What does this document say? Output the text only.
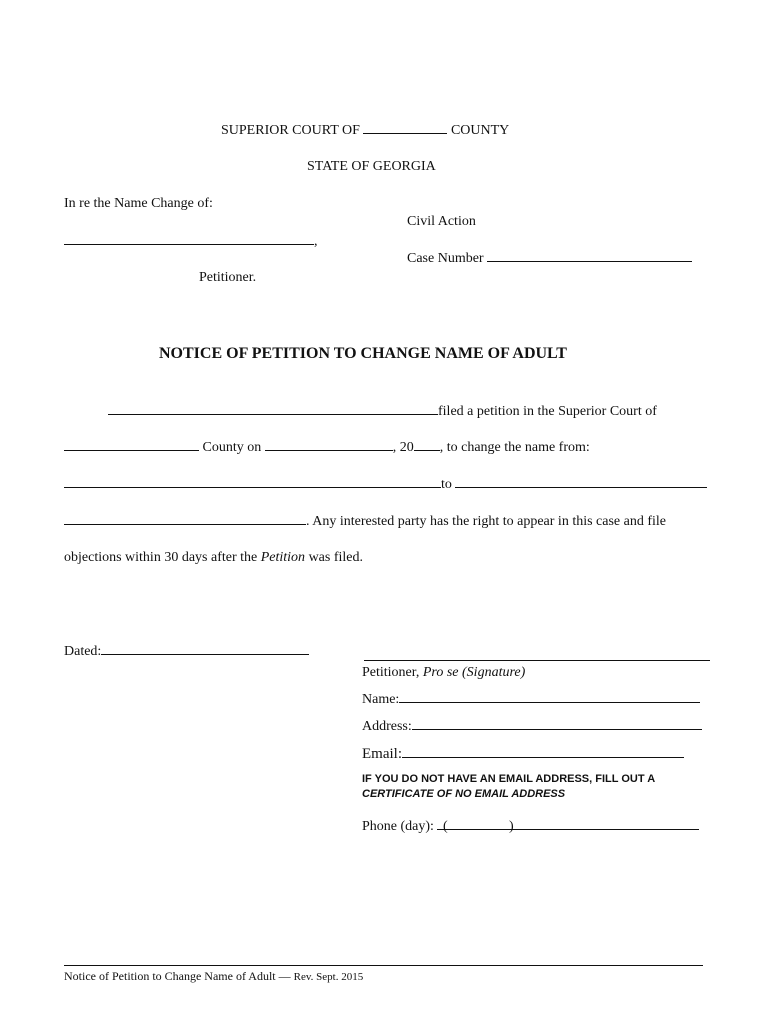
SUPERIOR COURT OF	COUNTY
STATE OF GEORGIA
In re the Name Change of:
Civil Action
,
Case Number
Petitioner.
NOTICE OF PETITION TO CHANGE NAME OF ADULT
filed a petition in the Superior Court of
County on	, 20 , to change the name from:
to
. Any interested party has the right to appear in this case and file
objections within 30 days after the Petition was filed.
Dated:
Petitioner, Pro se (Signature)
Name:
Address:
Email:
IF YOU DO NOT HAVE AN EMAIL ADDRESS, FILL OUT A
CERTIFICATE OF NO EMAIL ADDRESS
Phone (day): (	)
Notice of Petition to Change Name of Adult — Rev. Sept. 2015
